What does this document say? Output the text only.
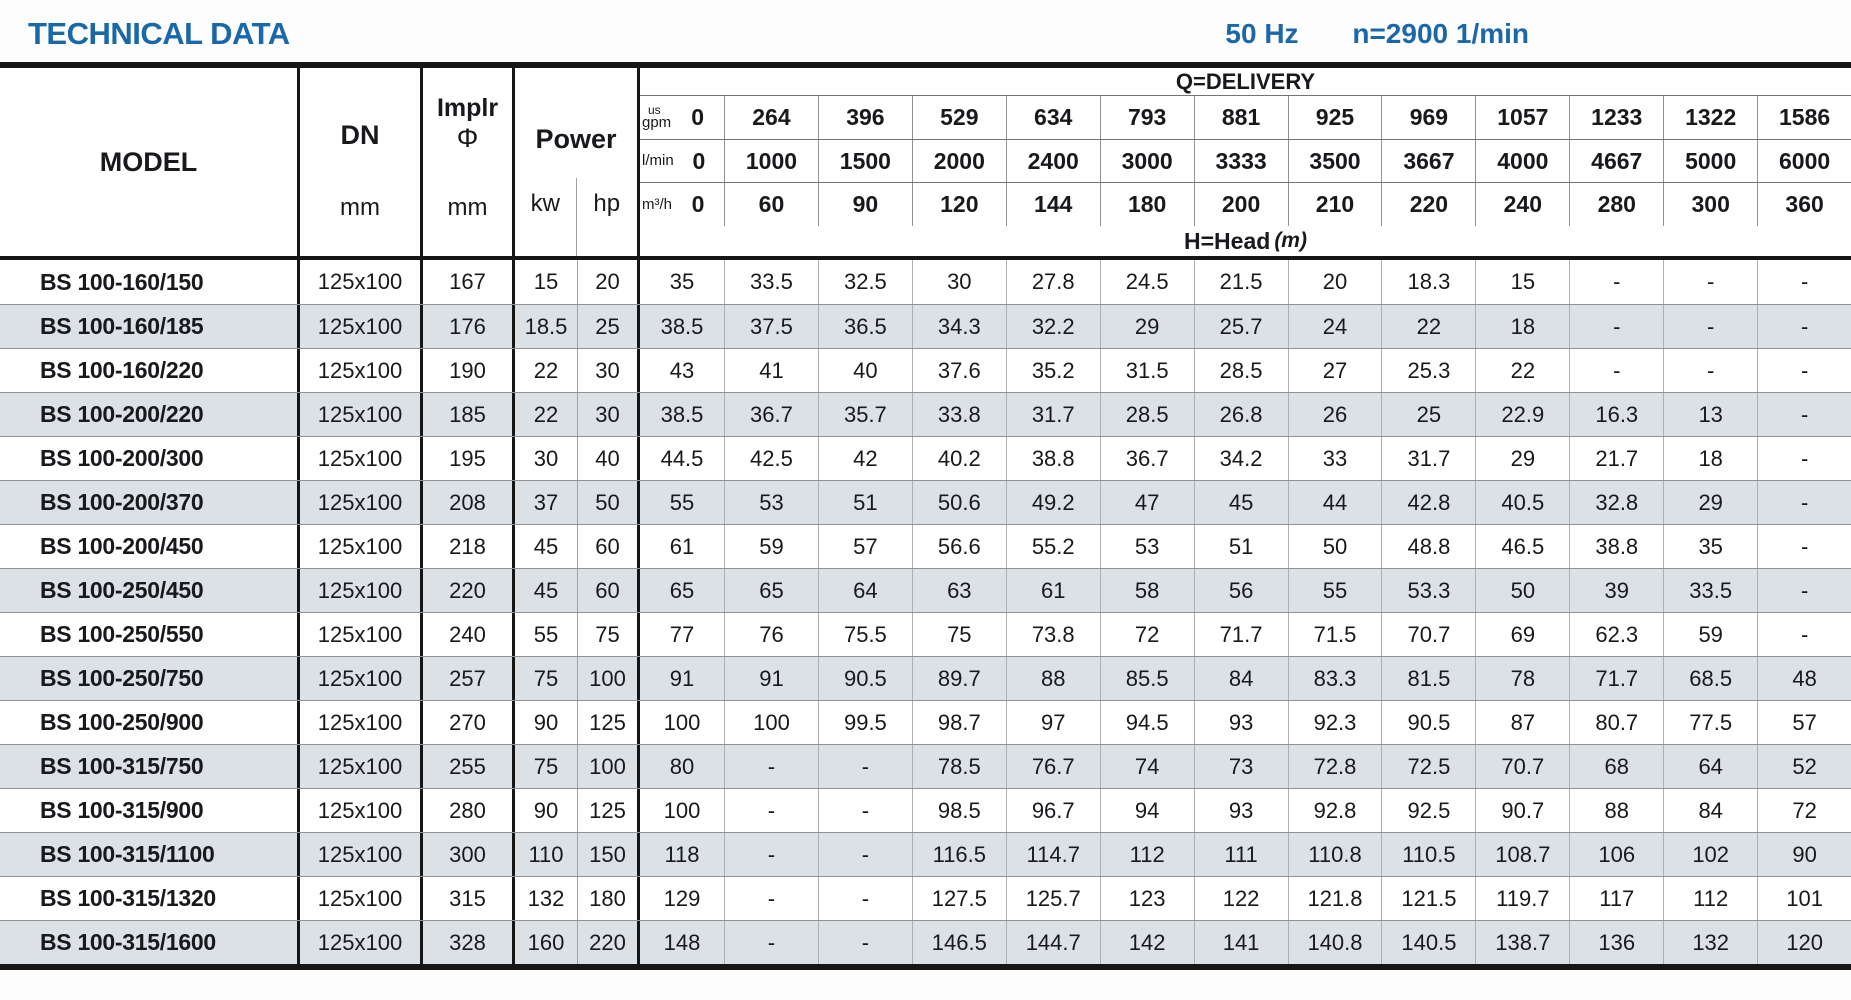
TECHNICAL DATA	50 Hz n=2900 1/min
MODEL
DN
mm
Implr
Φ
mm
Power
kw	hp
Q=DELIVERY
us
gpm 0	264	396	529	634	793	881	925	969	1057	1233	1322	1586
l/min 0	1000	1500	2000	2400	3000	3333	3500	3667	4000	4667	5000	6000
m³/h 0	60	90	120	144	180	200	210	220	240	280	300	360
H=Head (m)
BS 100-160/150	125x100	167	15	20	35	33.5	32.5	30	27.8	24.5	21.5	20	18.3	15	-	-	-
BS 100-160/185	125x100	176	18.5	25	38.5	37.5	36.5	34.3	32.2	29	25.7	24	22	18	-	-	-
BS 100-160/220	125x100	190	22	30	43	41	40	37.6	35.2	31.5	28.5	27	25.3	22	-	-	-
BS 100-200/220	125x100	185	22	30	38.5	36.7	35.7	33.8	31.7	28.5	26.8	26	25	22.9	16.3	13	-
BS 100-200/300	125x100	195	30	40	44.5	42.5	42	40.2	38.8	36.7	34.2	33	31.7	29	21.7	18	-
BS 100-200/370	125x100	208	37	50	55	53	51	50.6	49.2	47	45	44	42.8	40.5	32.8	29	-
BS 100-200/450	125x100	218	45	60	61	59	57	56.6	55.2	53	51	50	48.8	46.5	38.8	35	-
BS 100-250/450	125x100	220	45	60	65	65	64	63	61	58	56	55	53.3	50	39	33.5	-
BS 100-250/550	125x100	240	55	75	77	76	75.5	75	73.8	72	71.7	71.5	70.7	69	62.3	59	-
BS 100-250/750	125x100	257	75	100	91	91	90.5	89.7	88	85.5	84	83.3	81.5	78	71.7	68.5	48
BS 100-250/900	125x100	270	90	125	100	100	99.5	98.7	97	94.5	93	92.3	90.5	87	80.7	77.5	57
BS 100-315/750	125x100	255	75	100	80	-	-	78.5	76.7	74	73	72.8	72.5	70.7	68	64	52
BS 100-315/900	125x100	280	90	125	100	-	-	98.5	96.7	94	93	92.8	92.5	90.7	88	84	72
BS 100-315/1100	125x100	300	110	150	118	-	-	116.5	114.7	112	111	110.8	110.5	108.7	106	102	90
BS 100-315/1320	125x100	315	132	180	129	-	-	127.5	125.7	123	122	121.8	121.5	119.7	117	112	101
BS 100-315/1600	125x100	328	160	220	148	-	-	146.5	144.7	142	141	140.8	140.5	138.7	136	132	120
